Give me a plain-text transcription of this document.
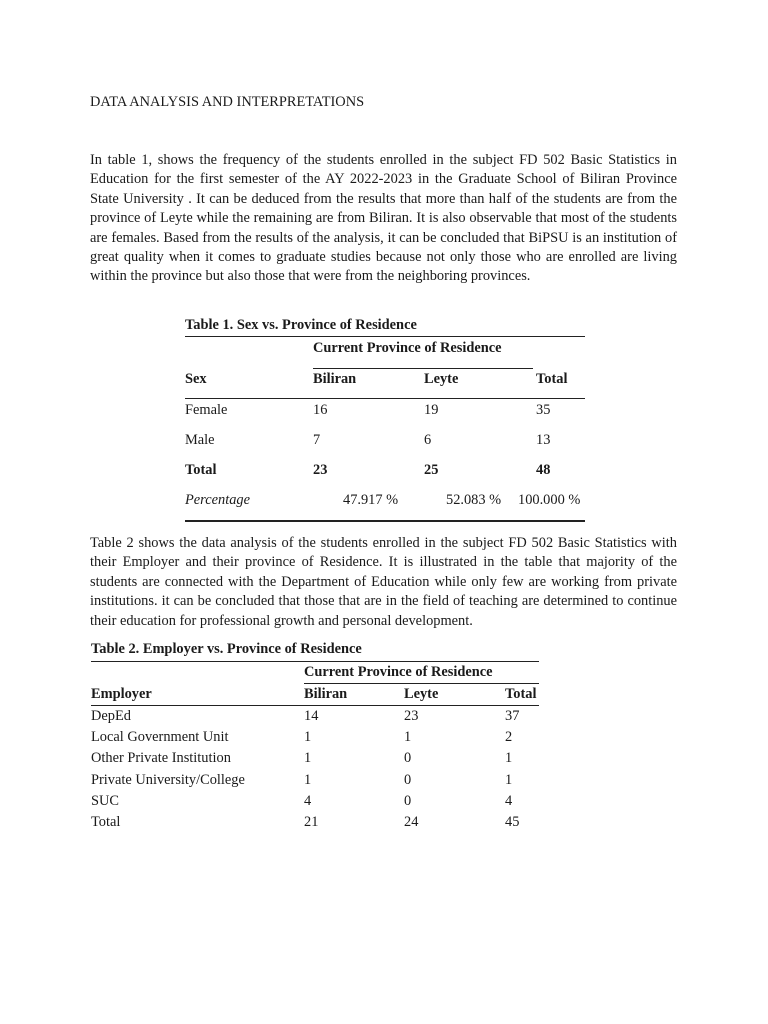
DATA ANALYSIS AND INTERPRETATIONS

In table 1, shows the frequency of the students enrolled in the subject FD 502 Basic Statistics in Education for the first semester of the AY 2022-2023 in the Graduate School of Biliran Province State University . It can be deduced from the results that more than half of the students are from the province of Leyte while the remaining are from Biliran. It is also observable that most of the students are females. Based from the results of the analysis, it can be concluded that BiPSU is an institution of great quality when it comes to graduate studies because not only those who are enrolled are living within the province but also those that were from the neighboring provinces.

Table 1. Sex vs. Province of Residence
Current Province of Residence
Sex	Biliran	Leyte	Total
Female	16	19	35
Male	7	6	13
Total	23	25	48
Percentage	47.917 %	52.083 % 100.000 %

Table 2 shows the data analysis of the students enrolled in the subject FD 502 Basic Statistics with their Employer and their province of Residence. It is illustrated in the table that majority of the students are connected with the Department of Education while only few are working from private institutions. it can be concluded that those that are in the field of teaching are determined to continue their education for professional growth and personal development.

Table 2. Employer vs. Province of Residence
Current Province of Residence
Employer	Biliran	Leyte	Total
DepEd	14	23	37
Local Government Unit	1	1	2
Other Private Institution	1	0	1
Private University/College	1	0	1
SUC	4	0	4
Total	21	24	45
